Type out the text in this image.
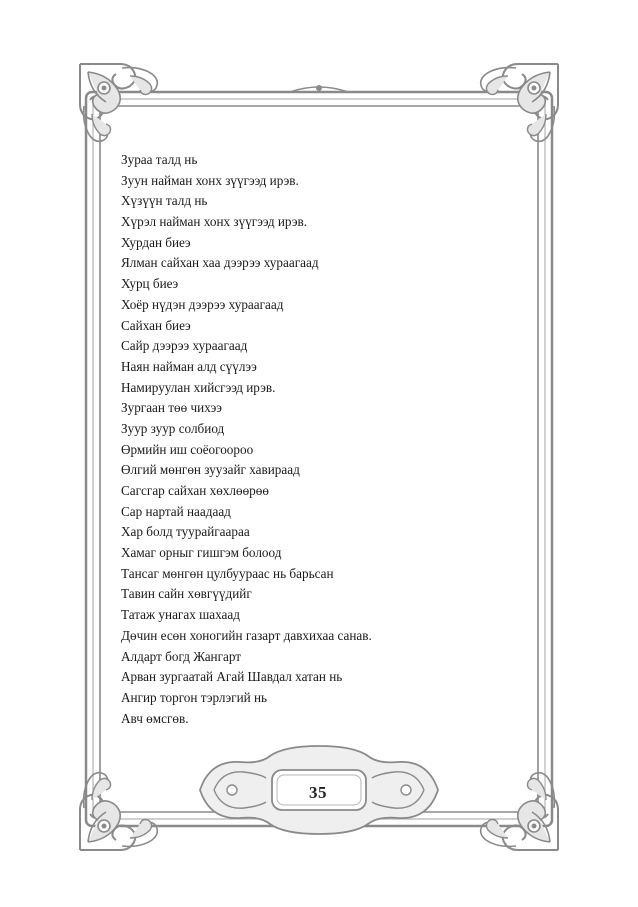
Зураа талд нь
Зуун найман хонх зүүгээд ирэв.
Хүзүүн талд нь
Хүрэл найман хонх зүүгээд ирэв.
Хурдан биеэ
Ялман сайхан хаа дээрээ хураагаад
Хурц биеэ
Хоёр нүдэн дээрээ хураагаад
Сайхан биеэ
Сайр дээрээ хураагаад
Наян найман алд сүүлээ
Намируулан хийсгээд ирэв.
Зургаан төө чихээ
Зуур зуур солбиод
Өрмийн иш соёогоороо
Өлгий мөнгөн зуузайг хавираад
Сагсгар сайхан хөхлөөрөө
Сар нартай наадаад
Хар болд туурайгаараа
Хамаг орныг гишгэм болоод
Тансаг мөнгөн цулбуураас нь барьсан
Тавин сайн хөвгүүдийг
Татаж унагах шахаад
Дөчин есөн хоногийн газарт давхихаа санав.
Алдарт богд Жангарт
Арван зургаатай Агай Шавдал хатан нь
Ангир торгон тэрлэгий нь
Авч өмсгөв.
35
